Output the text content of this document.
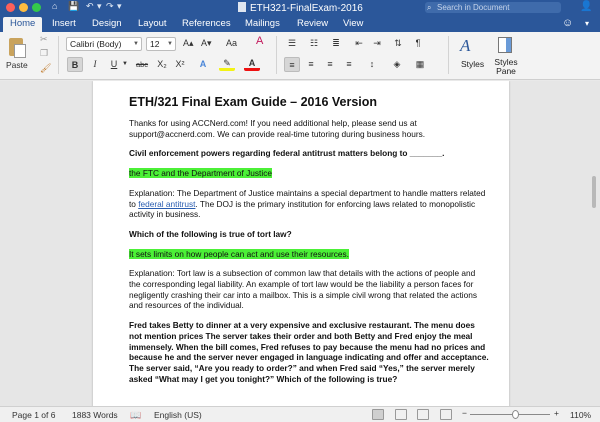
⌂ 💾 ↶ ▾ ↷ ▾	ETH321-FinalExam-2016	⌕ Search in Document	👤
Home	Insert	Design	Layout	References	Mailings	Review	View	☺ ▾
Paste
✂
❐
🖌
Calibri (Body) ▼	12 ▼ A▴ A▾ Aa A
B	I	U ▼	abc	X₂ X²	A	✎	A
☰	☷	≣	⇤	⇥	⇅	¶
≡	≡	≡	≡	↕	◈	▦
A
Styles	Styles Pane
ETH/321 Final Exam Guide – 2016 Version

Thanks for using ACCNerd.com! If you need additional help, please send us at support@accnerd.com. We can provide real-time tutoring during business hours.

Civil enforcement powers regarding federal antitrust matters belong to _______.

the FTC and the Department of Justice

Explanation: The Department of Justice maintains a special department to handle matters related to federal antitrust. The DOJ is the primary institution for enforcing laws related to monopolistic activity in business.

Which of the following is true of tort law?

It sets limits on how people can act and use their resources.

Explanation: Tort law is a subsection of common law that details with the actions of people and the corresponding legal liability. An example of tort law would be the liability a person faces for negligently crashing their car into a mailbox. This is a simple civil wrong that related the actions and resources of the individual.

Fred takes Betty to dinner at a very expensive and exclusive restaurant. The menu does not mention prices The server takes their order and both Betty and Fred enjoy the meal immensely. When the bill comes, Fred refuses to pay because the menu had no prices and because he and the server never engaged in language indicating and offer and acceptance. The server said, “Are you ready to order?” and when Fred said “Yes,” the server merely asked “What may I get you tonight?” Which of the following is true?

Page 1 of 6 1883 Words 📖 English (US)	−	+ 110%
